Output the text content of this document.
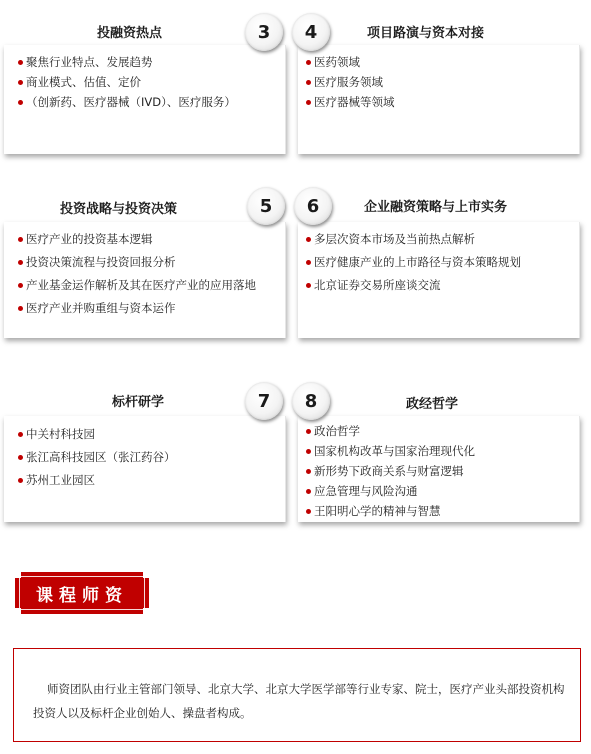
投融资热点
聚焦行业特点、发展趋势
商业模式、估值、定价
（创新药、医疗器械（IVD）、医疗服务）
项目路演与资本对接
医药领域
医疗服务领域
医疗器械等领域
3	4
投资战略与投资决策
医疗产业的投资基本逻辑
投资决策流程与投资回报分析
产业基金运作解析及其在医疗产业的应用落地
医疗产业并购重组与资本运作
企业融资策略与上市实务
多层次资本市场及当前热点解析
医疗健康产业的上市路径与资本策略规划
北京证券交易所座谈交流
5	6
标杆研学
中关村科技园
张江高科技园区（张江药谷）
苏州工业园区
政经哲学
政治哲学
国家机构改革与国家治理现代化
新形势下政商关系与财富逻辑
应急管理与风险沟通
王阳明心学的精神与智慧
7	8
课程师资
师资团队由行业主管部门领导、北京大学、北京大学医学部等行业专家、院士，医疗产业头部投资机构投资人以及标杆企业创始人、操盘者构成。
